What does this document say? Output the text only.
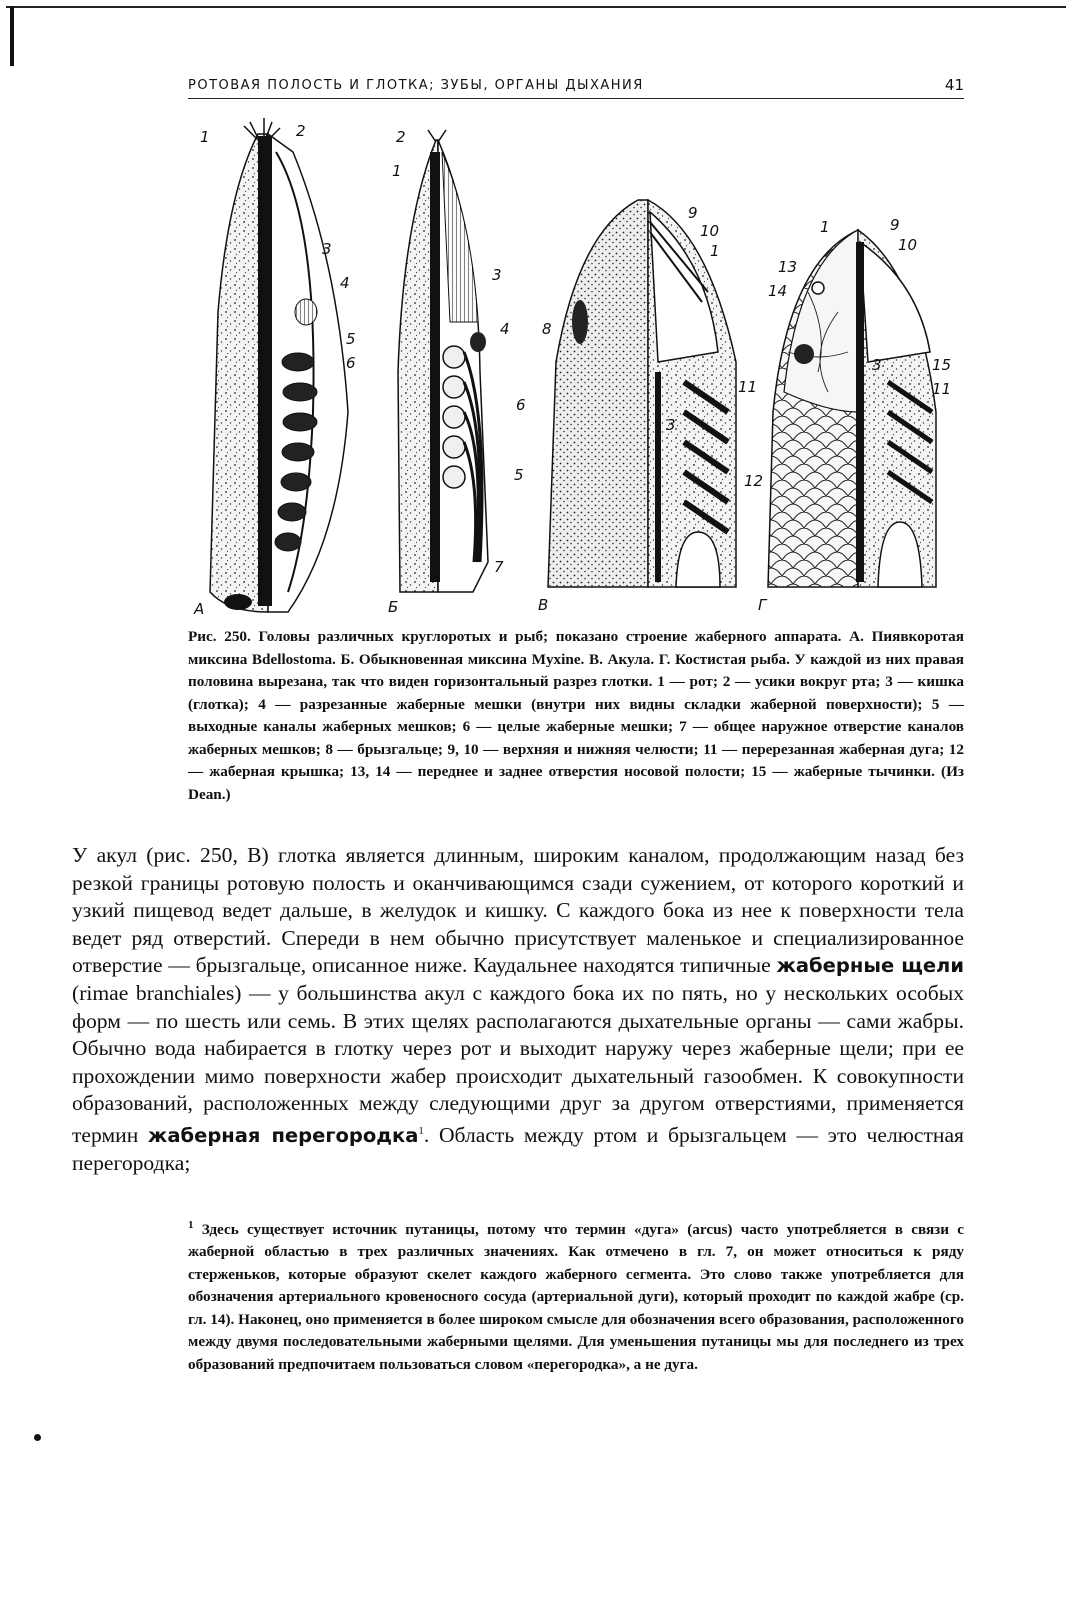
РОТОВАЯ ПОЛОСТЬ И ГЛОТКА; ЗУБЫ, ОРГАНЫ ДЫХАНИЯ	41
1	2
3
4
5
6
А
2
1
3
4
6
5
7
Б
9
10
1
8
11
3
В
1	9
10
13
14
3	15
11
12
Г
Рис. 250. Головы различных круглоротых и рыб; показано строение жаберного аппарата. А. Пиявкоротая миксина Bdellostoma. Б. Обыкновенная миксина Myxine. В. Акула. Г. Костистая рыба. У каждой из них правая половина вырезана, так что виден горизонтальный разрез глотки. 1 — рот; 2 — усики вокруг рта; 3 — кишка (глотка); 4 — разрезанные жаберные мешки (внутри них видны складки жаберной поверхности); 5 — выходные каналы жаберных мешков; 6 — целые жаберные мешки; 7 — общее наружное отверстие каналов жаберных мешков; 8 — брызгальце; 9, 10 — верхняя и нижняя челюсти; 11 — перерезанная жаберная дуга; 12 — жаберная крышка; 13, 14 — переднее и заднее отверстия носовой полости; 15 — жаберные тычинки. (Из Dean.)
У акул (рис. 250, В) глотка является длинным, широким каналом, продолжающим назад без резкой границы ротовую полость и оканчивающимся сзади сужением, от которого короткий и узкий пищевод ведет дальше, в желудок и кишку. С каждого бока из нее к поверхности тела ведет ряд отверстий. Спереди в нем обычно присутствует маленькое и специализированное отверстие — брызгальце, описанное ниже. Каудальнее находятся типичные жаберные щели (rimae branchiales) — у большинства акул с каждого бока их по пять, но у нескольких особых форм — по шесть или семь. В этих щелях располагаются дыхательные органы — сами жабры. Обычно вода набирается в глотку через рот и выходит наружу через жаберные щели; при ее прохождении мимо поверхности жабер происходит дыхательный газообмен. К совокупности образований, расположенных между следующими друг за другом отверстиями, применяется термин жаберная перегородка$^1$. Область между ртом и брызгальцем — это челюстная перегородка;
$^1$ Здесь существует источник путаницы, потому что термин «дуга» (arcus) часто употребляется в связи с жаберной областью в трех различных значениях. Как отмечено в гл. 7, он может относиться к ряду стерженьков, которые образуют скелет каждого жаберного сегмента. Это слово также употребляется для обозначения артериального кровеносного сосуда (артериальной дуги), который проходит по каждой жабре (ср. гл. 14). Наконец, оно применяется в более широком смысле для обозначения всего образования, расположенного между двумя последовательными жаберными щелями. Для уменьшения путаницы мы для последнего из трех образований предпочитаем пользоваться словом «перегородка», а не дуга.
